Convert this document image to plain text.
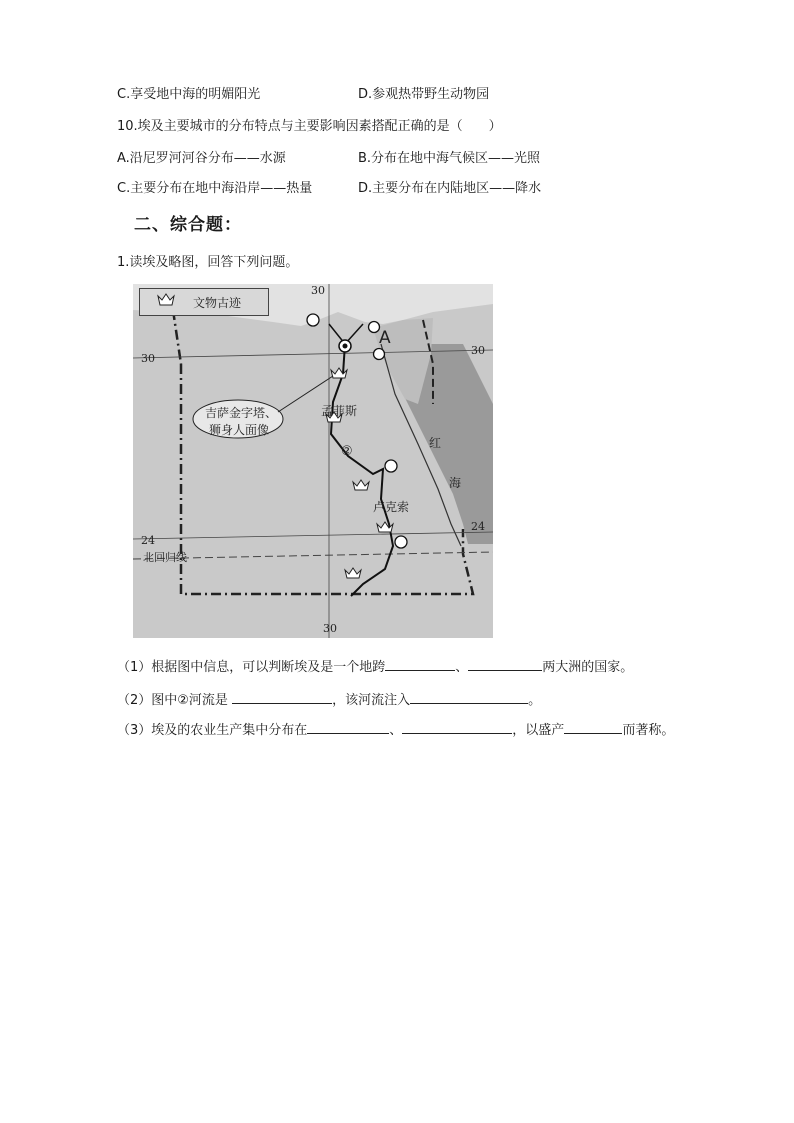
C.享受地中海的明媚阳光	D.参观热带野生动物园
10.埃及主要城市的分布特点与主要影响因素搭配正确的是（　　）
A.沿尼罗河河谷分布——水源	B.分布在地中海气候区——光照
C.主要分布在地中海沿岸——热量	D.主要分布在内陆地区——降水
二、综合题：
1.读埃及略图，回答下列问题。
文物古迹
30
30
30
30
24
24
北回归线
A
吉萨金字塔、
狮身人面像
孟菲斯
②
卢克索
红
海
（1）根据图中信息，可以判断埃及是一个地跨	、	两大洲的国家。
（2）图中②河流是	，该河流注入	。
（3）埃及的农业生产集中分布在	、	，以盛产	而著称。
